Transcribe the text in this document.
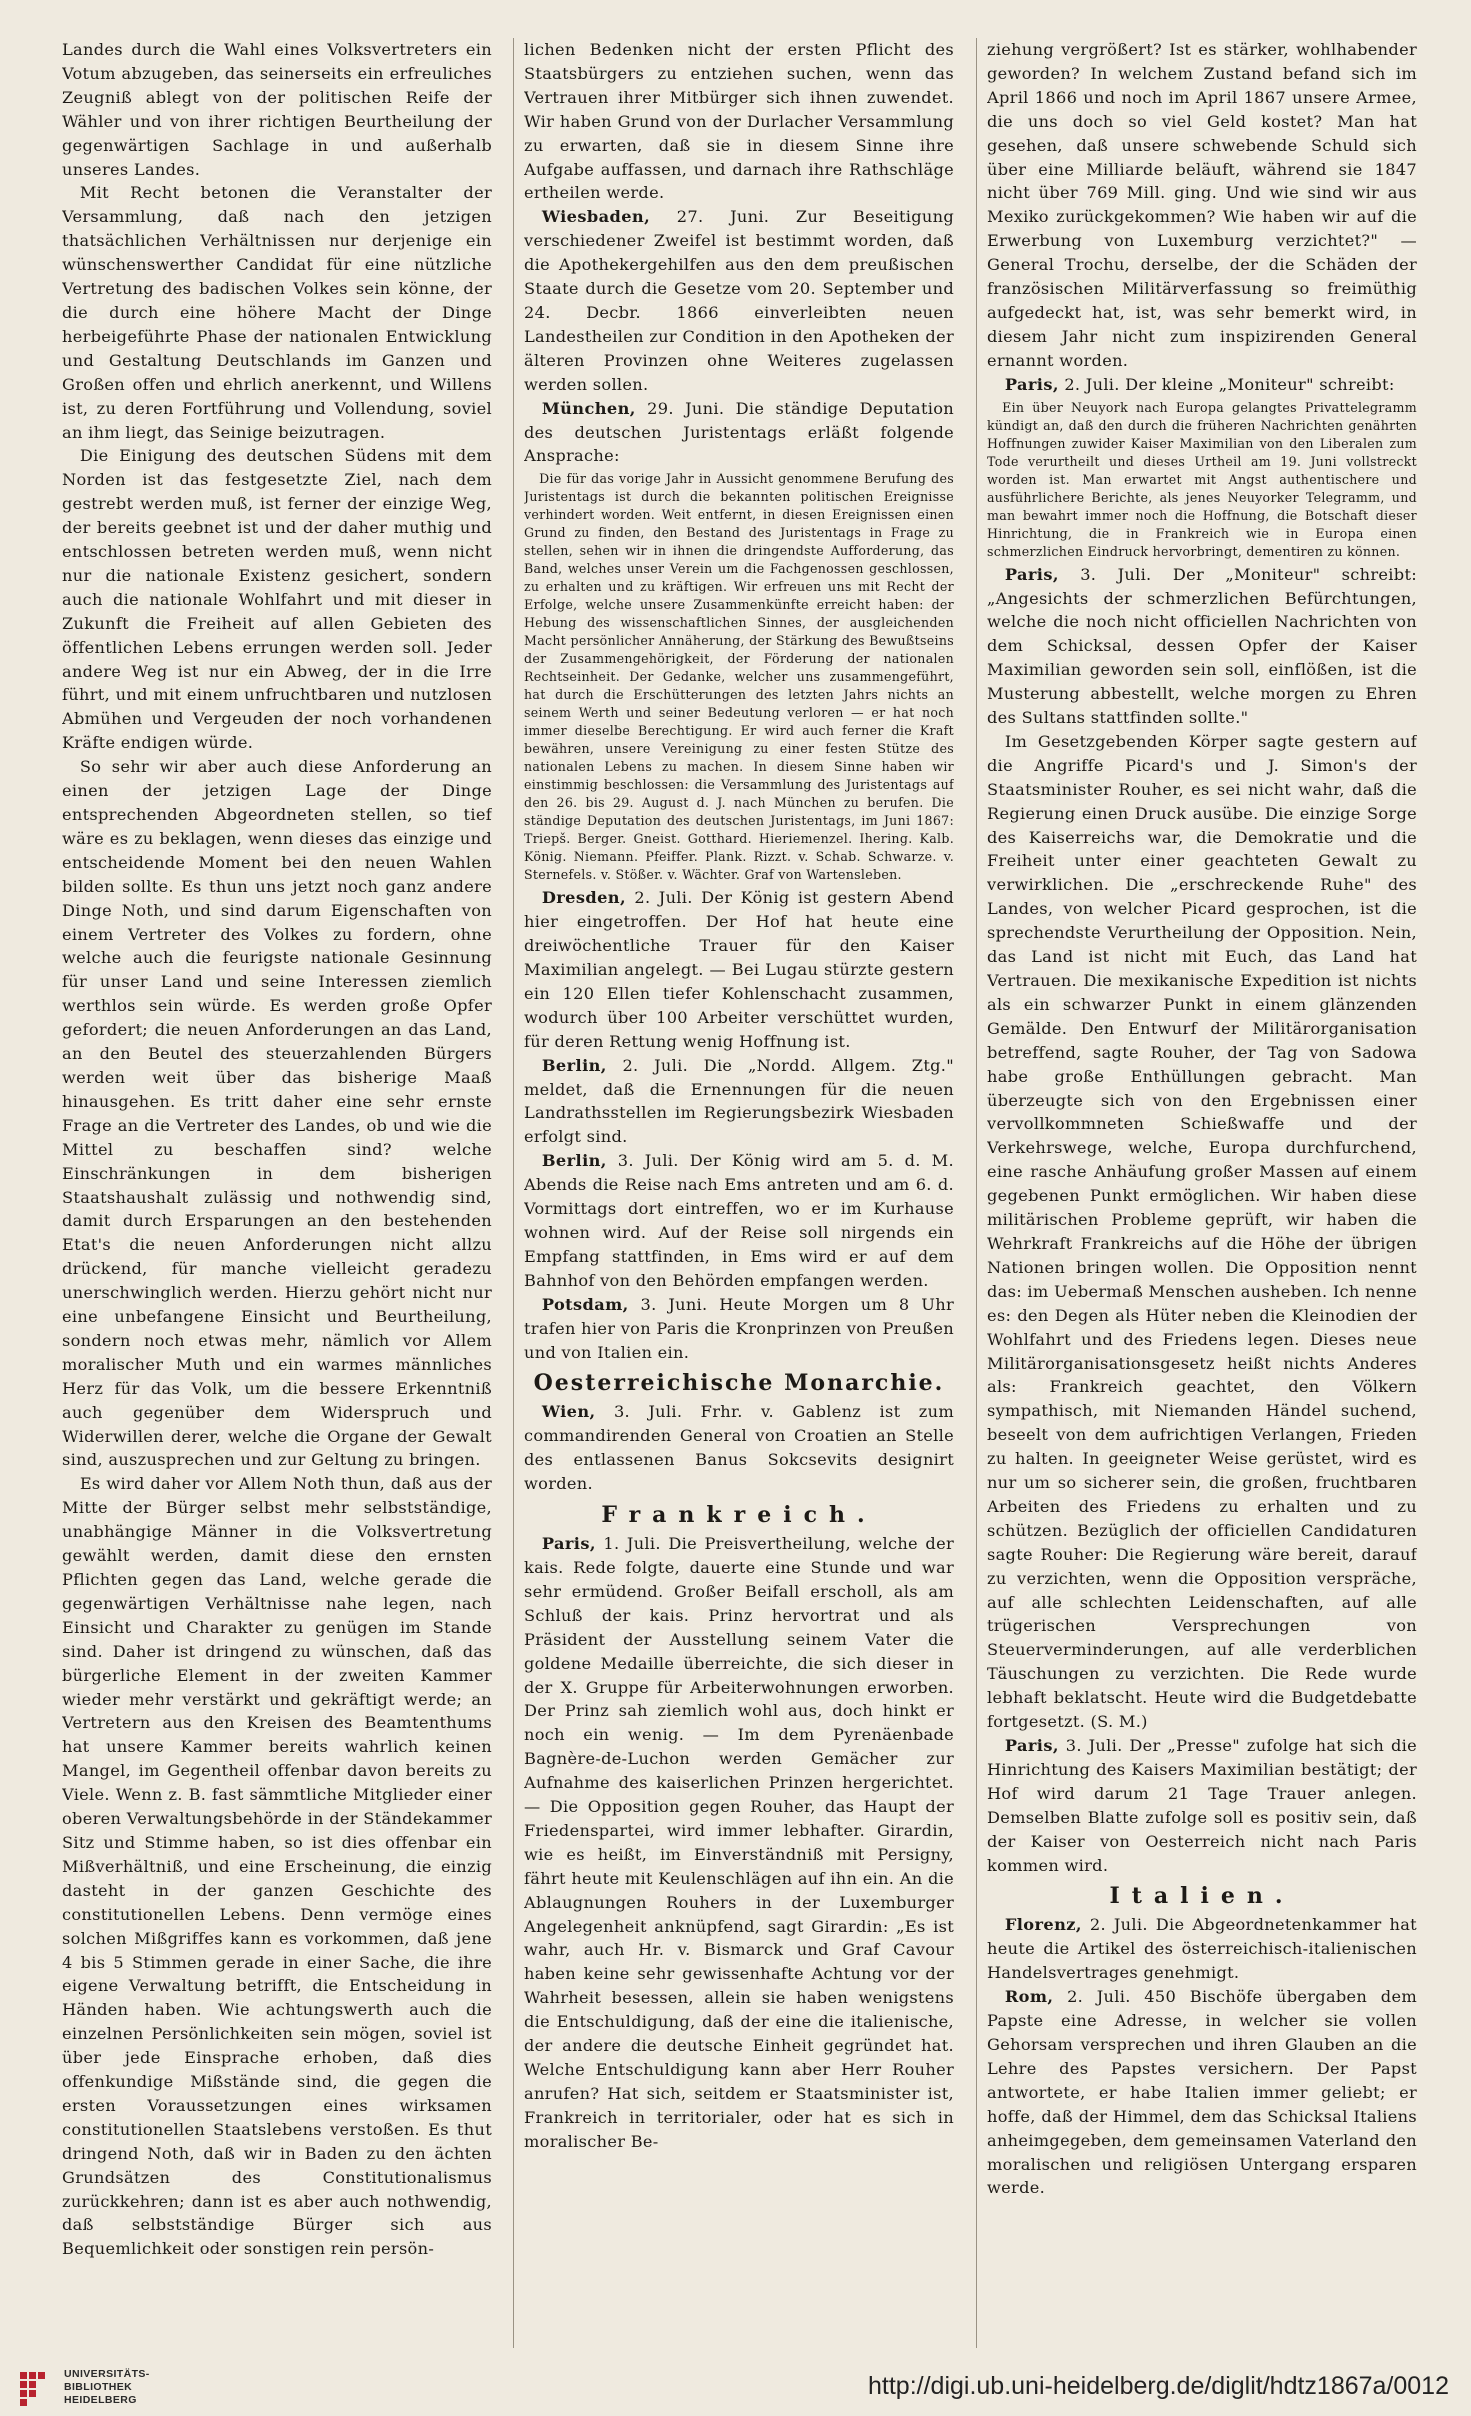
Landes durch die Wahl eines Volksvertreters ein Votum abzugeben, das seinerseits ein erfreuliches Zeugniß ablegt von der politischen Reife der Wähler und von ihrer richtigen Beurtheilung der gegenwärtigen Sachlage in und außerhalb unseres Landes.

Mit Recht betonen die Veranstalter der Versammlung, daß nach den jetzigen thatsächlichen Verhältnissen nur derjenige ein wünschenswerther Candidat für eine nützliche Vertretung des badischen Volkes sein könne, der die durch eine höhere Macht der Dinge herbeigeführte Phase der nationalen Entwicklung und Gestaltung Deutschlands im Ganzen und Großen offen und ehrlich anerkennt, und Willens ist, zu deren Fortführung und Vollendung, soviel an ihm liegt, das Seinige beizutragen.

Die Einigung des deutschen Südens mit dem Norden ist das festgesetzte Ziel, nach dem gestrebt werden muß, ist ferner der einzige Weg, der bereits geebnet ist und der daher muthig und entschlossen betreten werden muß, wenn nicht nur die nationale Existenz gesichert, sondern auch die nationale Wohlfahrt und mit dieser in Zukunft die Freiheit auf allen Gebieten des öffentlichen Lebens errungen werden soll. Jeder andere Weg ist nur ein Abweg, der in die Irre führt, und mit einem unfruchtbaren und nutzlosen Abmühen und Vergeuden der noch vorhandenen Kräfte endigen würde.

So sehr wir aber auch diese Anforderung an einen der jetzigen Lage der Dinge entsprechenden Abgeordneten stellen, so tief wäre es zu beklagen, wenn dieses das einzige und entscheidende Moment bei den neuen Wahlen bilden sollte. Es thun uns jetzt noch ganz andere Dinge Noth, und sind darum Eigenschaften von einem Vertreter des Volkes zu fordern, ohne welche auch die feurigste nationale Gesinnung für unser Land und seine Interessen ziemlich werthlos sein würde. Es werden große Opfer gefordert; die neuen Anforderungen an das Land, an den Beutel des steuerzahlenden Bürgers werden weit über das bisherige Maaß hinausgehen. Es tritt daher eine sehr ernste Frage an die Vertreter des Landes, ob und wie die Mittel zu beschaffen sind? welche Einschränkungen in dem bisherigen Staatshaushalt zulässig und nothwendig sind, damit durch Ersparungen an den bestehenden Etat's die neuen Anforderungen nicht allzu drückend, für manche vielleicht geradezu unerschwinglich werden. Hierzu gehört nicht nur eine unbefangene Einsicht und Beurtheilung, sondern noch etwas mehr, nämlich vor Allem moralischer Muth und ein warmes männliches Herz für das Volk, um die bessere Erkenntniß auch gegenüber dem Widerspruch und Widerwillen derer, welche die Organe der Gewalt sind, auszusprechen und zur Geltung zu bringen.

Es wird daher vor Allem Noth thun, daß aus der Mitte der Bürger selbst mehr selbstständige, unabhängige Männer in die Volksvertretung gewählt werden, damit diese den ernsten Pflichten gegen das Land, welche gerade die gegenwärtigen Verhältnisse nahe legen, nach Einsicht und Charakter zu genügen im Stande sind. Daher ist dringend zu wünschen, daß das bürgerliche Element in der zweiten Kammer wieder mehr verstärkt und gekräftigt werde; an Vertretern aus den Kreisen des Beamtenthums hat unsere Kammer bereits wahrlich keinen Mangel, im Gegentheil offenbar davon bereits zu Viele. Wenn z. B. fast sämmtliche Mitglieder einer oberen Verwaltungsbehörde in der Ständekammer Sitz und Stimme haben, so ist dies offenbar ein Mißverhältniß, und eine Erscheinung, die einzig dasteht in der ganzen Geschichte des constitutionellen Lebens. Denn vermöge eines solchen Mißgriffes kann es vorkommen, daß jene 4 bis 5 Stimmen gerade in einer Sache, die ihre eigene Verwaltung betrifft, die Entscheidung in Händen haben. Wie achtungswerth auch die einzelnen Persönlichkeiten sein mögen, soviel ist über jede Einsprache erhoben, daß dies offenkundige Mißstände sind, die gegen die ersten Voraussetzungen eines wirksamen constitutionellen Staatslebens verstoßen. Es thut dringend Noth, daß wir in Baden zu den ächten Grundsätzen des Constitutionalismus zurückkehren; dann ist es aber auch nothwendig, daß selbstständige Bürger sich aus Bequemlichkeit oder sonstigen rein persön-

lichen Bedenken nicht der ersten Pflicht des Staatsbürgers zu entziehen suchen, wenn das Vertrauen ihrer Mitbürger sich ihnen zuwendet. Wir haben Grund von der Durlacher Versammlung zu erwarten, daß sie in diesem Sinne ihre Aufgabe auffassen, und darnach ihre Rathschläge ertheilen werde.

Wiesbaden, 27. Juni. Zur Beseitigung verschiedener Zweifel ist bestimmt worden, daß die Apothekergehilfen aus den dem preußischen Staate durch die Gesetze vom 20. September und 24. Decbr. 1866 einverleibten neuen Landestheilen zur Condition in den Apotheken der älteren Provinzen ohne Weiteres zugelassen werden sollen.

München, 29. Juni. Die ständige Deputation des deutschen Juristentags erläßt folgende Ansprache:

Die für das vorige Jahr in Aussicht genommene Berufung des Juristentags ist durch die bekannten politischen Ereignisse verhindert worden. Weit entfernt, in diesen Ereignissen einen Grund zu finden, den Bestand des Juristentags in Frage zu stellen, sehen wir in ihnen die dringendste Aufforderung, das Band, welches unser Verein um die Fachgenossen geschlossen, zu erhalten und zu kräftigen. Wir erfreuen uns mit Recht der Erfolge, welche unsere Zusammenkünfte erreicht haben: der Hebung des wissenschaftlichen Sinnes, der ausgleichenden Macht persönlicher Annäherung, der Stärkung des Bewußtseins der Zusammengehörigkeit, der Förderung der nationalen Rechtseinheit. Der Gedanke, welcher uns zusammengeführt, hat durch die Erschütterungen des letzten Jahrs nichts an seinem Werth und seiner Bedeutung verloren — er hat noch immer dieselbe Berechtigung. Er wird auch ferner die Kraft bewähren, unsere Vereinigung zu einer festen Stütze des nationalen Lebens zu machen. In diesem Sinne haben wir einstimmig beschlossen: die Versammlung des Juristentags auf den 26. bis 29. August d. J. nach München zu berufen. Die ständige Deputation des deutschen Juristentags, im Juni 1867: Triepš. Berger. Gneist. Gotthard. Hieriemenzel. Ihering. Kalb. König. Niemann. Pfeiffer. Plank. Rizzt. v. Schab. Schwarze. v. Sternefels. v. Stößer. v. Wächter. Graf von Wartensleben.

Dresden, 2. Juli. Der König ist gestern Abend hier eingetroffen. Der Hof hat heute eine dreiwöchentliche Trauer für den Kaiser Maximilian angelegt. — Bei Lugau stürzte gestern ein 120 Ellen tiefer Kohlenschacht zusammen, wodurch über 100 Arbeiter verschüttet wurden, für deren Rettung wenig Hoffnung ist.

Berlin, 2. Juli. Die „Nordd. Allgem. Ztg." meldet, daß die Ernennungen für die neuen Landrathsstellen im Regierungsbezirk Wiesbaden erfolgt sind.

Berlin, 3. Juli. Der König wird am 5. d. M. Abends die Reise nach Ems antreten und am 6. d. Vormittags dort eintreffen, wo er im Kurhause wohnen wird. Auf der Reise soll nirgends ein Empfang stattfinden, in Ems wird er auf dem Bahnhof von den Behörden empfangen werden.

Potsdam, 3. Juni. Heute Morgen um 8 Uhr trafen hier von Paris die Kronprinzen von Preußen und von Italien ein.

Oesterreichische Monarchie.

Wien, 3. Juli. Frhr. v. Gablenz ist zum commandirenden General von Croatien an Stelle des entlassenen Banus Sokcsevits designirt worden.

Frankreich.

Paris, 1. Juli. Die Preisvertheilung, welche der kais. Rede folgte, dauerte eine Stunde und war sehr ermüdend. Großer Beifall erscholl, als am Schluß der kais. Prinz hervortrat und als Präsident der Ausstellung seinem Vater die goldene Medaille überreichte, die sich dieser in der X. Gruppe für Arbeiterwohnungen erworben. Der Prinz sah ziemlich wohl aus, doch hinkt er noch ein wenig. — Im dem Pyrenäenbade Bagnère-de-Luchon werden Gemächer zur Aufnahme des kaiserlichen Prinzen hergerichtet. — Die Opposition gegen Rouher, das Haupt der Friedenspartei, wird immer lebhafter. Girardin, wie es heißt, im Einverständniß mit Persigny, fährt heute mit Keulenschlägen auf ihn ein. An die Ablaugnungen Rouhers in der Luxemburger Angelegenheit anknüpfend, sagt Girardin: „Es ist wahr, auch Hr. v. Bismarck und Graf Cavour haben keine sehr gewissenhafte Achtung vor der Wahrheit besessen, allein sie haben wenigstens die Entschuldigung, daß der eine die italienische, der andere die deutsche Einheit gegründet hat. Welche Entschuldigung kann aber Herr Rouher anrufen? Hat sich, seitdem er Staatsminister ist, Frankreich in territorialer, oder hat es sich in moralischer Be-

ziehung vergrößert? Ist es stärker, wohlhabender geworden? In welchem Zustand befand sich im April 1866 und noch im April 1867 unsere Armee, die uns doch so viel Geld kostet? Man hat gesehen, daß unsere schwebende Schuld sich über eine Milliarde beläuft, während sie 1847 nicht über 769 Mill. ging. Und wie sind wir aus Mexiko zurückgekommen? Wie haben wir auf die Erwerbung von Luxemburg verzichtet?" — General Trochu, derselbe, der die Schäden der französischen Militärverfassung so freimüthig aufgedeckt hat, ist, was sehr bemerkt wird, in diesem Jahr nicht zum inspizirenden General ernannt worden.

Paris, 2. Juli. Der kleine „Moniteur" schreibt:

Ein über Neuyork nach Europa gelangtes Privattelegramm kündigt an, daß den durch die früheren Nachrichten genährten Hoffnungen zuwider Kaiser Maximilian von den Liberalen zum Tode verurtheilt und dieses Urtheil am 19. Juni vollstreckt worden ist. Man erwartet mit Angst authentischere und ausführlichere Berichte, als jenes Neuyorker Telegramm, und man bewahrt immer noch die Hoffnung, die Botschaft dieser Hinrichtung, die in Frankreich wie in Europa einen schmerzlichen Eindruck hervorbringt, dementiren zu können.

Paris, 3. Juli. Der „Moniteur" schreibt: „Angesichts der schmerzlichen Befürchtungen, welche die noch nicht officiellen Nachrichten von dem Schicksal, dessen Opfer der Kaiser Maximilian geworden sein soll, einflößen, ist die Musterung abbestellt, welche morgen zu Ehren des Sultans stattfinden sollte."

Im Gesetzgebenden Körper sagte gestern auf die Angriffe Picard's und J. Simon's der Staatsminister Rouher, es sei nicht wahr, daß die Regierung einen Druck ausübe. Die einzige Sorge des Kaiserreichs war, die Demokratie und die Freiheit unter einer geachteten Gewalt zu verwirklichen. Die „erschreckende Ruhe" des Landes, von welcher Picard gesprochen, ist die sprechendste Verurtheilung der Opposition. Nein, das Land ist nicht mit Euch, das Land hat Vertrauen. Die mexikanische Expedition ist nichts als ein schwarzer Punkt in einem glänzenden Gemälde. Den Entwurf der Militärorganisation betreffend, sagte Rouher, der Tag von Sadowa habe große Enthüllungen gebracht. Man überzeugte sich von den Ergebnissen einer vervollkommneten Schießwaffe und der Verkehrswege, welche, Europa durchfurchend, eine rasche Anhäufung großer Massen auf einem gegebenen Punkt ermöglichen. Wir haben diese militärischen Probleme geprüft, wir haben die Wehrkraft Frankreichs auf die Höhe der übrigen Nationen bringen wollen. Die Opposition nennt das: im Uebermaß Menschen ausheben. Ich nenne es: den Degen als Hüter neben die Kleinodien der Wohlfahrt und des Friedens legen. Dieses neue Militärorganisationsgesetz heißt nichts Anderes als: Frankreich geachtet, den Völkern sympathisch, mit Niemanden Händel suchend, beseelt von dem aufrichtigen Verlangen, Frieden zu halten. In geeigneter Weise gerüstet, wird es nur um so sicherer sein, die großen, fruchtbaren Arbeiten des Friedens zu erhalten und zu schützen. Bezüglich der officiellen Candidaturen sagte Rouher: Die Regierung wäre bereit, darauf zu verzichten, wenn die Opposition verspräche, auf alle schlechten Leidenschaften, auf alle trügerischen Versprechungen von Steuerverminderungen, auf alle verderblichen Täuschungen zu verzichten. Die Rede wurde lebhaft beklatscht. Heute wird die Budgetdebatte fortgesetzt. (S. M.)

Paris, 3. Juli. Der „Presse" zufolge hat sich die Hinrichtung des Kaisers Maximilian bestätigt; der Hof wird darum 21 Tage Trauer anlegen. Demselben Blatte zufolge soll es positiv sein, daß der Kaiser von Oesterreich nicht nach Paris kommen wird.

Italien.

Florenz, 2. Juli. Die Abgeordnetenkammer hat heute die Artikel des österreichisch-italienischen Handelsvertrages genehmigt.

Rom, 2. Juli. 450 Bischöfe übergaben dem Papste eine Adresse, in welcher sie vollen Gehorsam versprechen und ihren Glauben an die Lehre des Papstes versichern. Der Papst antwortete, er habe Italien immer geliebt; er hoffe, daß der Himmel, dem das Schicksal Italiens anheimgegeben, dem gemeinsamen Vaterland den moralischen und religiösen Untergang ersparen werde.

UNIVERSITÄTS-
BIBLIOTHEK
HEIDELBERG	http://digi.ub.uni-heidelberg.de/diglit/hdtz1867a/0012
